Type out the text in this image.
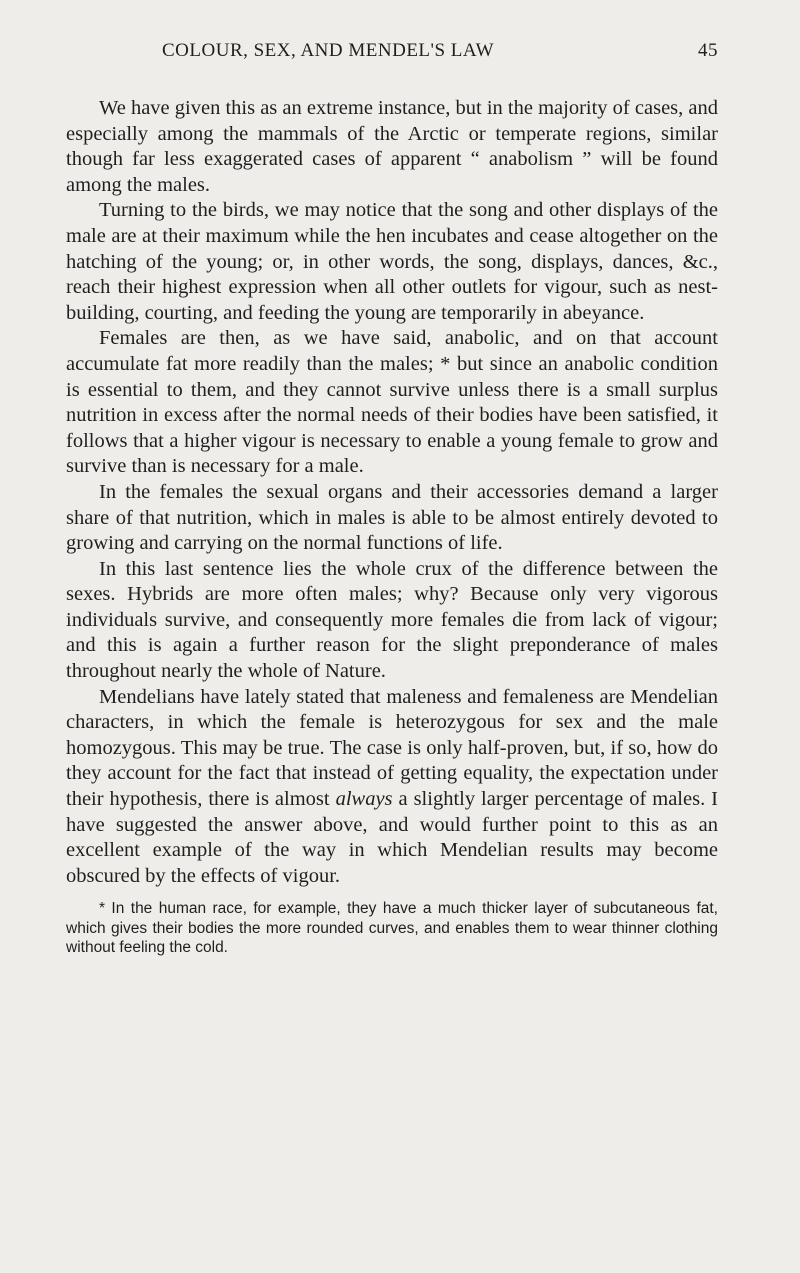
COLOUR, SEX, AND MENDEL'S LAW	45

We have given this as an extreme instance, but in the majority of cases, and especially among the mammals of the Arctic or temperate regions, similar though far less exaggerated cases of apparent “ anabolism ” will be found among the males.

Turning to the birds, we may notice that the song and other displays of the male are at their maximum while the hen incubates and cease altogether on the hatching of the young; or, in other words, the song, displays, dances, &c., reach their highest expression when all other outlets for vigour, such as nest-building, courting, and feeding the young are temporarily in abeyance.

Females are then, as we have said, anabolic, and on that account accumulate fat more readily than the males; * but since an anabolic condition is essential to them, and they cannot survive unless there is a small surplus nutrition in excess after the normal needs of their bodies have been satisfied, it follows that a higher vigour is necessary to enable a young female to grow and survive than is necessary for a male.

In the females the sexual organs and their accessories demand a larger share of that nutrition, which in males is able to be almost entirely devoted to growing and carrying on the normal functions of life.

In this last sentence lies the whole crux of the difference between the sexes. Hybrids are more often males; why? Because only very vigorous individuals survive, and consequently more females die from lack of vigour; and this is again a further reason for the slight preponderance of males throughout nearly the whole of Nature.

Mendelians have lately stated that maleness and femaleness are Mendelian characters, in which the female is heterozygous for sex and the male homozygous. This may be true. The case is only half-proven, but, if so, how do they account for the fact that instead of getting equality, the expectation under their hypothesis, there is almost always a slightly larger percentage of males. I have suggested the answer above, and would further point to this as an excellent example of the way in which Mendelian results may become obscured by the effects of vigour.

* In the human race, for example, they have a much thicker layer of subcutaneous fat, which gives their bodies the more rounded curves, and enables them to wear thinner clothing without feeling the cold.
